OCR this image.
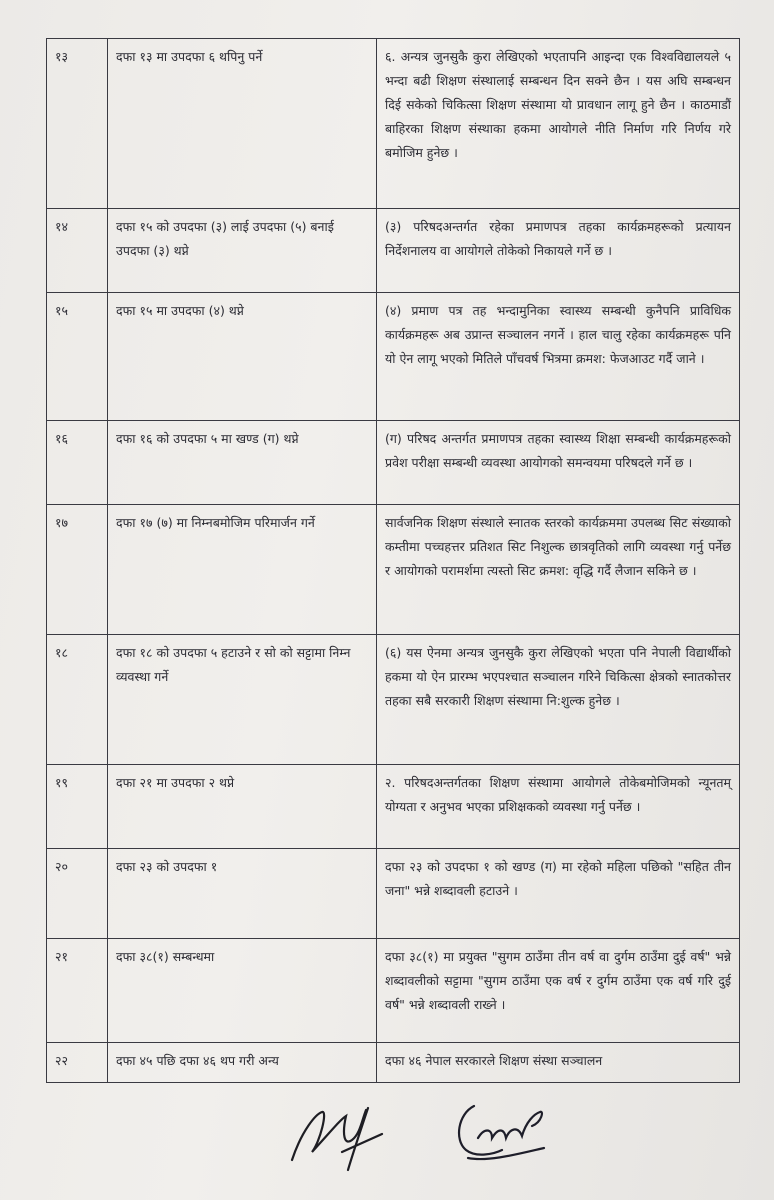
१३	दफा १३ मा उपदफा ६ थपिनु पर्ने	६. अन्यत्र जुनसुकै कुरा लेखिएको भएतापनि आइन्दा एक विश्वविद्यालयले ५ भन्दा बढी शिक्षण संस्थालाई सम्बन्धन दिन सक्ने छैन । यस अघि सम्बन्धन दिई सकेको चिकित्सा शिक्षण संस्थामा यो प्रावधान लागू हुने छैन । काठमाडौं बाहिरका शिक्षण संस्थाका हकमा आयोगले नीति निर्माण गरि निर्णय गरे बमोजिम हुनेछ ।
१४	दफा १५ को उपदफा (३) लाई उपदफा (५) बनाई उपदफा (३) थप्ने	(३) परिषदअन्तर्गत रहेका प्रमाणपत्र तहका कार्यक्रमहरूको प्रत्यायन निर्देशनालय वा आयोगले तोकेको निकायले गर्ने छ ।
१५	दफा १५ मा उपदफा (४) थप्ने	(४) प्रमाण पत्र तह भन्दामुनिका स्वास्थ्य सम्बन्धी कुनैपनि प्राविधिक कार्यक्रमहरू अब उप्रान्त सञ्चालन नगर्ने । हाल चालु रहेका कार्यक्रमहरू पनि यो ऐन लागू भएको मितिले पाँचवर्ष भित्रमा क्रमश: फेजआउट गर्दै जाने ।
१६	दफा १६ को उपदफा ५ मा खण्ड (ग) थप्ने	(ग) परिषद अन्तर्गत प्रमाणपत्र तहका स्वास्थ्य शिक्षा सम्बन्धी कार्यक्रमहरूको प्रवेश परीक्षा सम्बन्धी व्यवस्था आयोगको समन्वयमा परिषदले गर्ने छ ।
१७	दफा १७ (७) मा निम्नबमोजिम परिमार्जन गर्ने	सार्वजनिक शिक्षण संस्थाले स्नातक स्तरको कार्यक्रममा उपलब्ध सिट संख्याको कम्तीमा पच्चहत्तर प्रतिशत सिट निशुल्क छात्रवृतिको लागि व्यवस्था गर्नु पर्नेछ र आयोगको परामर्शमा त्यस्तो सिट क्रमश: वृद्धि गर्दै लैजान सकिने छ ।
१८	दफा १८ को उपदफा ५ हटाउने र सो को सट्टामा निम्न व्यवस्था गर्ने	(६) यस ऐनमा अन्यत्र जुनसुकै कुरा लेखिएको भएता पनि नेपाली विद्यार्थीको हकमा यो ऐन प्रारम्भ भएपश्चात सञ्चालन गरिने चिकित्सा क्षेत्रको स्नातकोत्तर तहका सबै सरकारी शिक्षण संस्थामा नि:शुल्क हुनेछ ।
१९	दफा २१ मा उपदफा २ थप्ने	२. परिषदअन्तर्गतका शिक्षण संस्थामा आयोगले तोकेबमोजिमको न्यूनतम् योग्यता र अनुभव भएका प्रशिक्षकको व्यवस्था गर्नु पर्नेछ ।
२०	दफा २३ को उपदफा १	दफा २३ को उपदफा १ को खण्ड (ग) मा रहेको महिला पछिको "सहित तीन जना" भन्ने शब्दावली हटाउने ।
२१	दफा ३८(१) सम्बन्धमा	दफा ३८(१) मा प्रयुक्त "सुगम ठाउँमा तीन वर्ष वा दुर्गम ठाउँमा दुई वर्ष" भन्ने शब्दावलीको सट्टामा "सुगम ठाउँमा एक वर्ष र दुर्गम ठाउँमा एक वर्ष गरि दुई वर्ष" भन्ने शब्दावली राख्ने ।
२२	दफा ४५ पछि दफा ४६ थप गरी अन्य	दफा ४६ नेपाल सरकारले शिक्षण संस्था सञ्चालन
